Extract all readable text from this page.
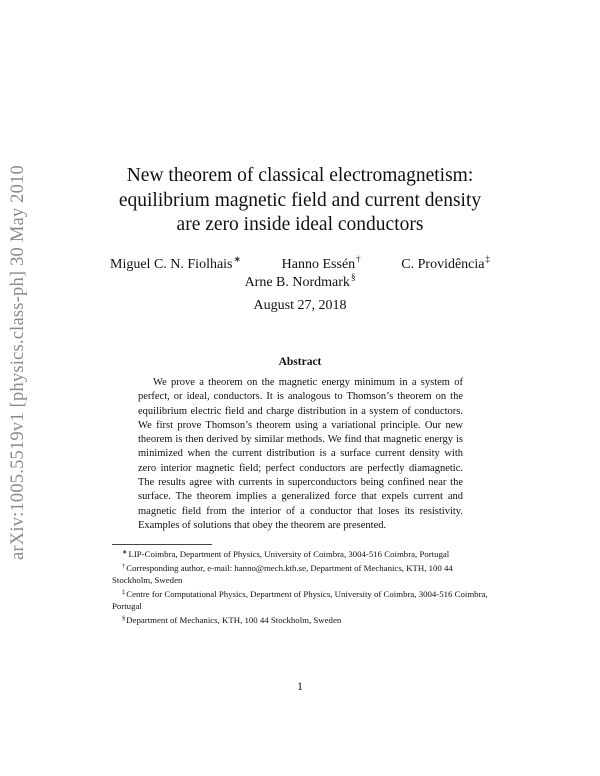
arXiv:1005.5519v1 [physics.class-ph] 30 May 2010	New theorem of classical electromagnetism:
equilibrium magnetic field and current density
are zero inside ideal conductors
Miguel C. N. Fiolhais∗	Hanno Essén†	C. Providência‡
Arne B. Nordmark§
August 27, 2018
Abstract
We prove a theorem on the magnetic energy minimum in a system of perfect, or ideal, conductors. It is analogous to Thomson’s theorem on the equilibrium electric field and charge distribution in a system of conductors. We first prove Thomson’s theorem using a variational principle. Our new theorem is then derived by similar methods. We find that magnetic energy is minimized when the current distribution is a surface current density with zero interior magnetic field; perfect conductors are perfectly diamagnetic. The results agree with currents in superconductors being confined near the surface. The theorem implies a generalized force that expels current and magnetic field from the interior of a conductor that loses its resistivity. Examples of solutions that obey the theorem are presented.
∗LIP-Coimbra, Department of Physics, University of Coimbra, 3004-516 Coimbra, Portugal
†Corresponding author, e-mail: hanno@mech.kth.se, Department of Mechanics, KTH, 100 44 Stockholm, Sweden
‡Centre for Computational Physics, Department of Physics, University of Coimbra, 3004-516 Coimbra, Portugal
§Department of Mechanics, KTH, 100 44 Stockholm, Sweden
1
